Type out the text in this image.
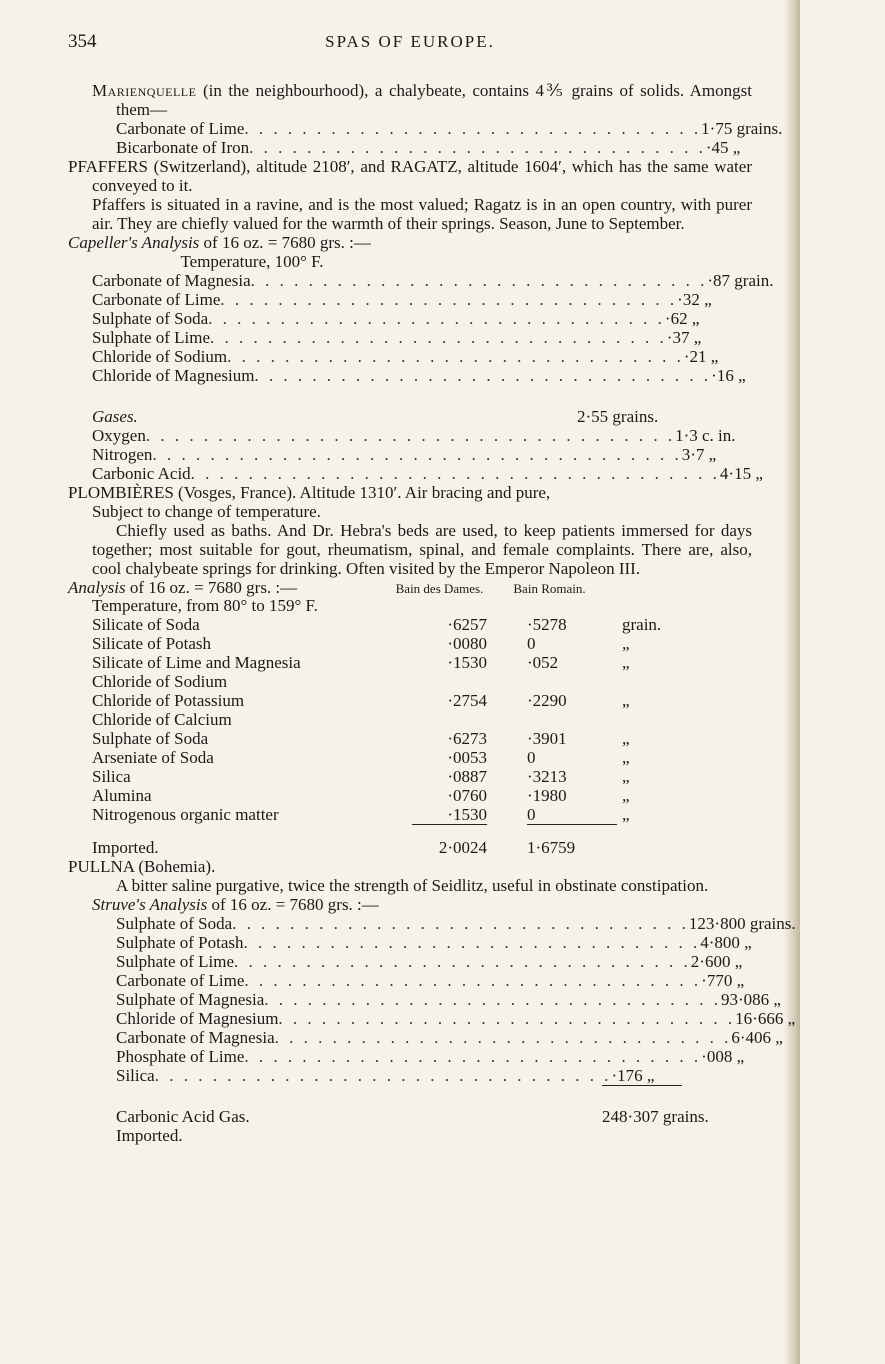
354	SPAS OF EUROPE.

Marienquelle (in the neighbourhood), a chalybeate, contains 4⅗ grains of solids. Amongst them—

Carbonate of Lime . . . . . . . . . . . . . . . . . . . . . . . . . . . . . . . . 1·75 grains.
Bicarbonate of Iron . . . . . . . . . . . . . . . . . . . . . . . . . . . . . . . . ·45 „

PFAFFERS (Switzerland), altitude 2108′, and RAGATZ, altitude 1604′, which has the same water conveyed to it.

Pfaffers is situated in a ravine, and is the most valued; Ragatz is in an open country, with purer air. They are chiefly valued for the warmth of their springs. Season, June to September.

Capeller's Analysis of 16 oz. = 7680 grs. :—

Temperature, 100° F.

Carbonate of Magnesia . . . . . . . . . . . . . . . . . . . . . . . . . . . . . . . . ·87 grain.
Carbonate of Lime . . . . . . . . . . . . . . . . . . . . . . . . . . . . . . . . ·32 „
Sulphate of Soda . . . . . . . . . . . . . . . . . . . . . . . . . . . . . . . . ·62 „
Sulphate of Lime . . . . . . . . . . . . . . . . . . . . . . . . . . . . . . . . ·37 „
Chloride of Sodium . . . . . . . . . . . . . . . . . . . . . . . . . . . . . . . . ·21 „
Chloride of Magnesium . . . . . . . . . . . . . . . . . . . . . . . . . . . . . . . . ·16 „
Gases.	2·55 grains.
Oxygen . . . . . . . . . . . . . . . . . . . . . . . . . . . . . . . . . . . . . 1·3 c. in.
Nitrogen . . . . . . . . . . . . . . . . . . . . . . . . . . . . . . . . . . . . . 3·7 „
Carbonic Acid . . . . . . . . . . . . . . . . . . . . . . . . . . . . . . . . . . . . . 4·15 „

PLOMBIÈRES (Vosges, France). Altitude 1310′. Air bracing and pure,

Subject to change of temperature.

Chiefly used as baths. And Dr. Hebra's beds are used, to keep patients immersed for days together; most suitable for gout, rheumatism, spinal, and female complaints. There are, also, cool chalybeate springs for drinking. Often visited by the Emperor Napoleon III.

Analysis of 16 oz. = 7680 grs. :—	Bain des Dames.	Bain Romain.
Temperature, from 80° to 159° F.
Silicate of Soda	·6257	·5278	grain.
Silicate of Potash	·0080	0	„
Silicate of Lime and Magnesia	·1530	·052	„
Chloride of Sodium
Chloride of Potassium	·2754	·2290	„
Chloride of Calcium
Sulphate of Soda	·6273	·3901	„
Arseniate of Soda	·0053	0	„
Silica	·0887	·3213	„
Alumina	·0760	·1980	„
Nitrogenous organic matter	·1530	0	„
Imported.	2·0024	1·6759

PULLNA (Bohemia).

A bitter saline purgative, twice the strength of Seidlitz, useful in obstinate constipation.

Struve's Analysis of 16 oz. = 7680 grs. :—

Sulphate of Soda . . . . . . . . . . . . . . . . . . . . . . . . . . . . . . . . 123·800 grains.
Sulphate of Potash . . . . . . . . . . . . . . . . . . . . . . . . . . . . . . . . 4·800 „
Sulphate of Lime . . . . . . . . . . . . . . . . . . . . . . . . . . . . . . . . 2·600 „
Carbonate of Lime . . . . . . . . . . . . . . . . . . . . . . . . . . . . . . . . ·770 „
Sulphate of Magnesia . . . . . . . . . . . . . . . . . . . . . . . . . . . . . . . . 93·086 „
Chloride of Magnesium . . . . . . . . . . . . . . . . . . . . . . . . . . . . . . . . 16·666 „
Carbonate of Magnesia . . . . . . . . . . . . . . . . . . . . . . . . . . . . . . . . 6·406 „
Phosphate of Lime . . . . . . . . . . . . . . . . . . . . . . . . . . . . . . . . ·008 „
Silica . . . . . . . . . . . . . . . . . . . . . . . . . . . . . . . . ·176 „
Carbonic Acid Gas.	248·307 grains.
Imported.
